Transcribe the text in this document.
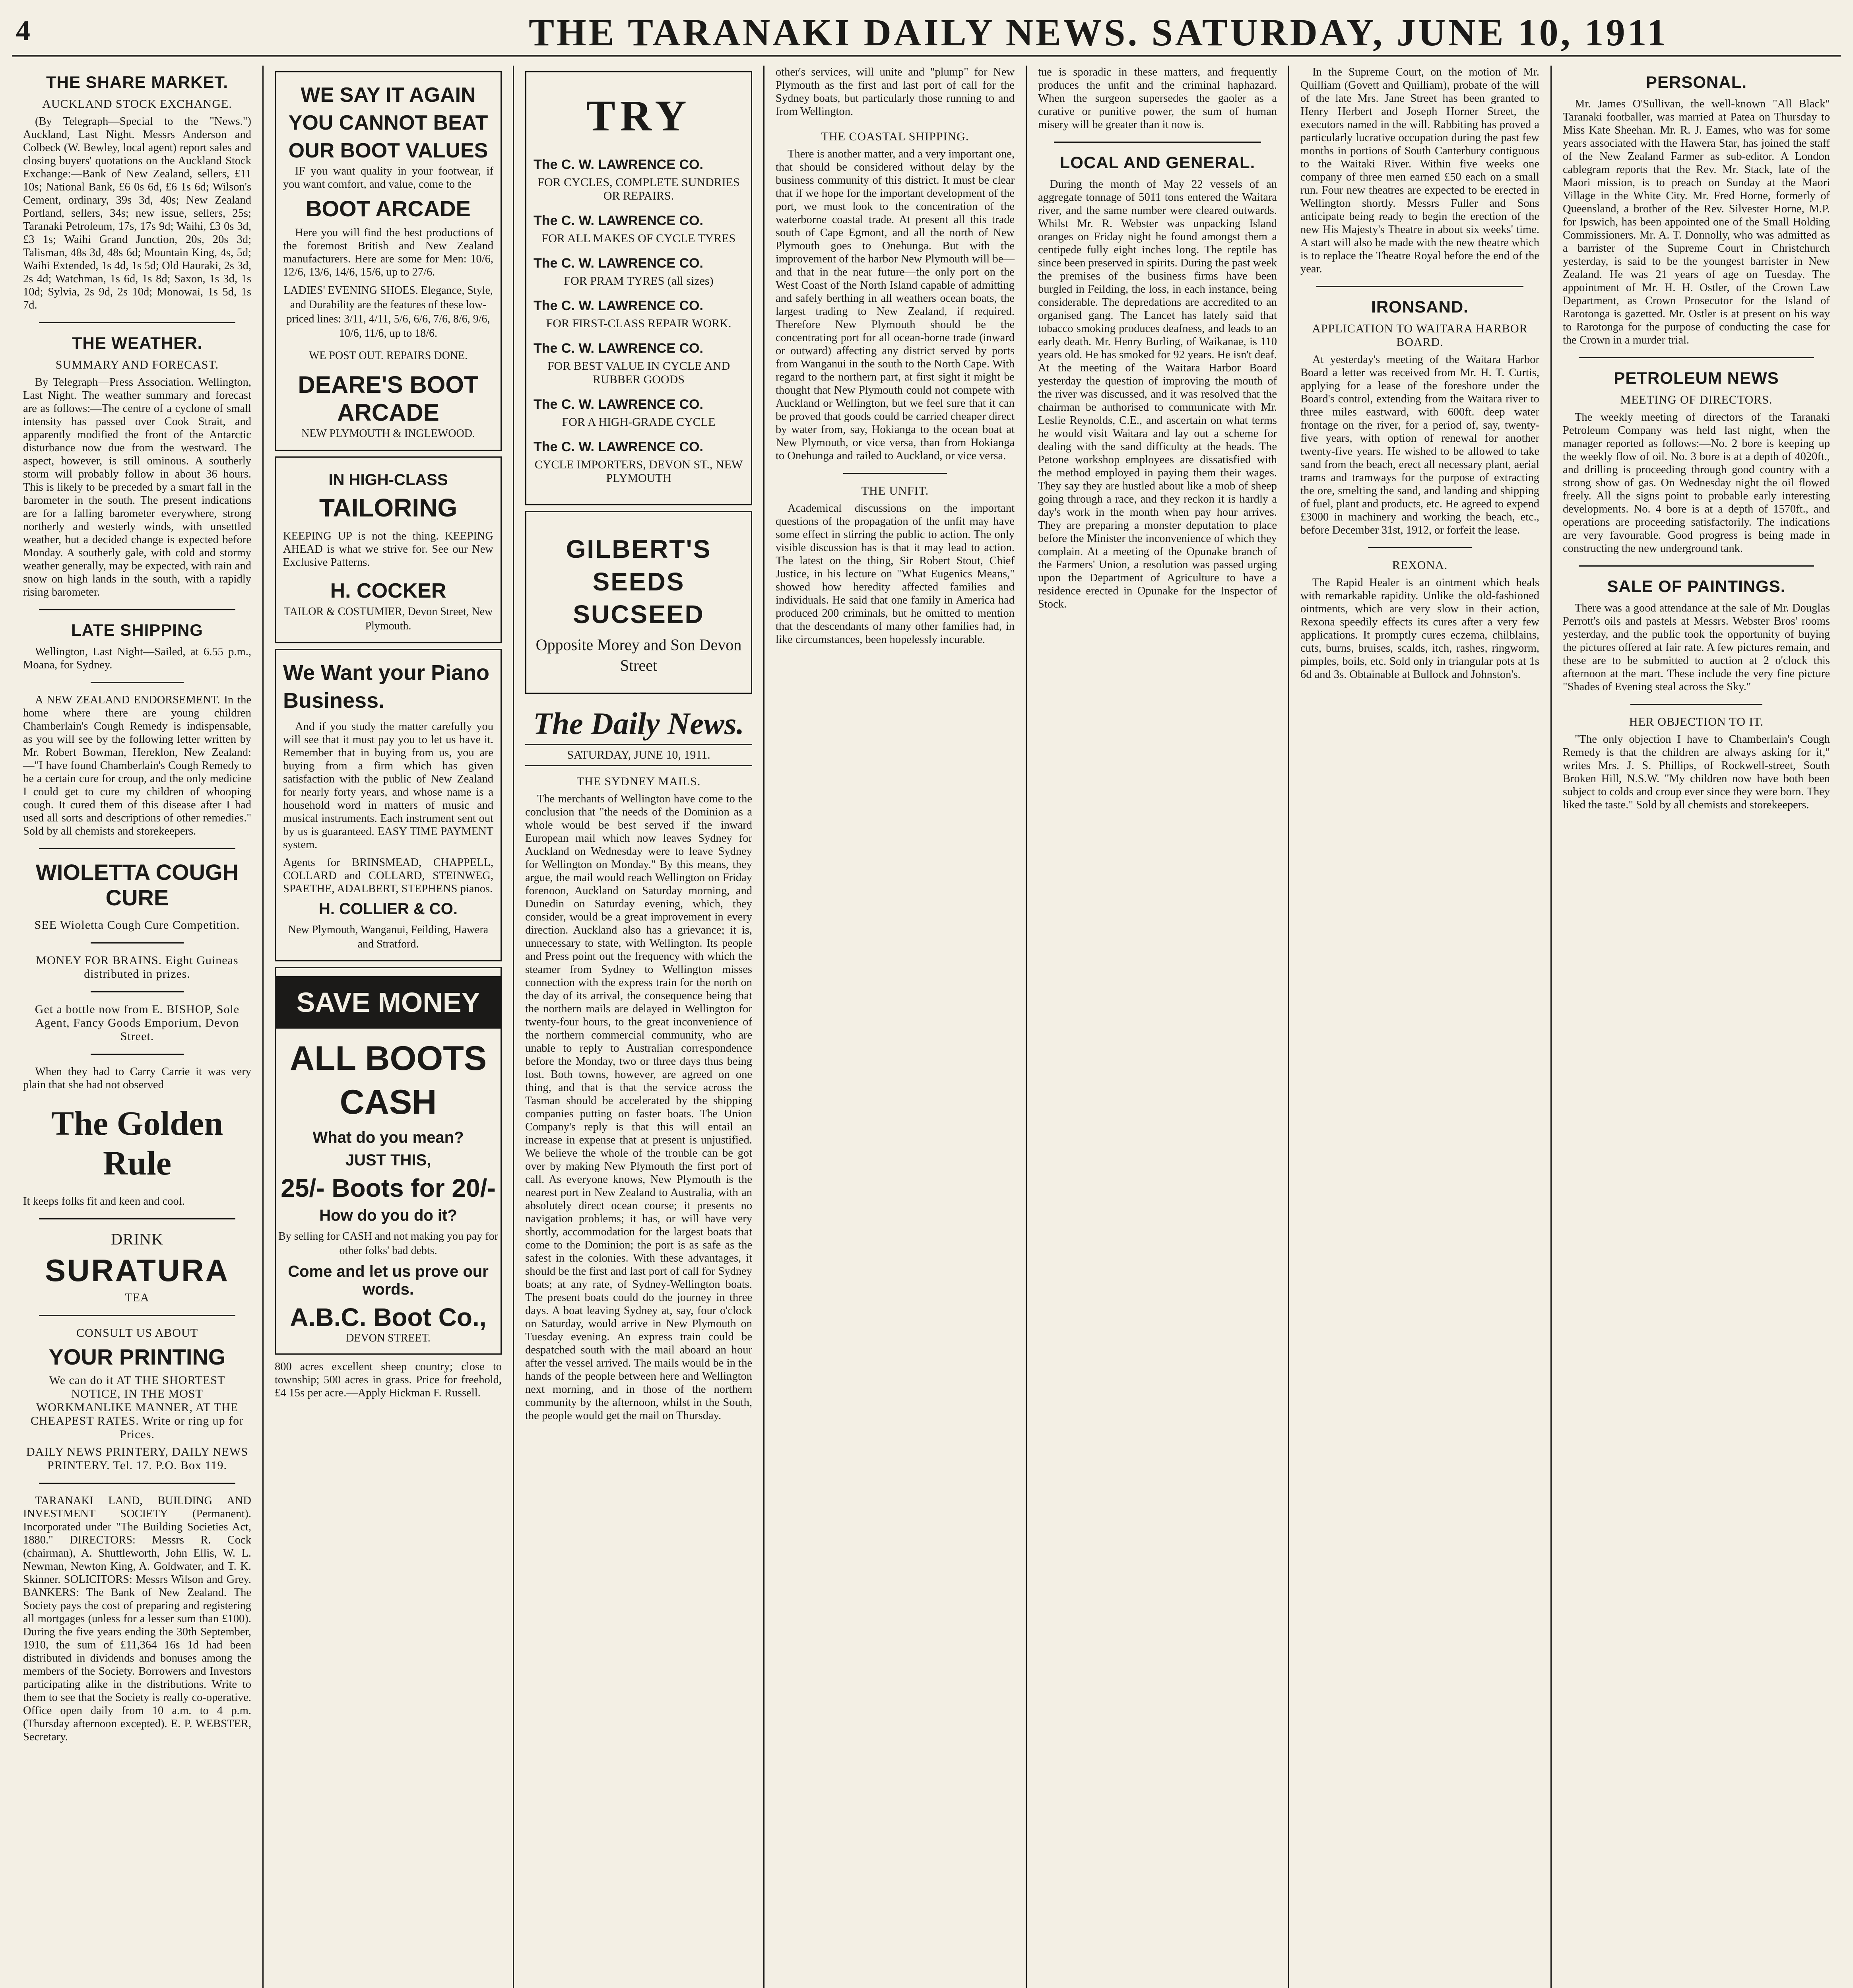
4	THE TARANAKI DAILY NEWS. SATURDAY, JUNE 10, 1911
THE SHARE MARKET.
AUCKLAND STOCK EXCHANGE.

(By Telegraph—Special to the "News.") Auckland, Last Night. Messrs Anderson and Colbeck (W. Bewley, local agent) report sales and closing buyers' quotations on the Auckland Stock Exchange:—Bank of New Zealand, sellers, £11 10s; National Bank, £6 0s 6d, £6 1s 6d; Wilson's Cement, ordinary, 39s 3d, 40s; New Zealand Portland, sellers, 34s; new issue, sellers, 25s; Taranaki Petroleum, 17s, 17s 9d; Waihi, £3 0s 3d, £3 1s; Waihi Grand Junction, 20s, 20s 3d; Talisman, 48s 3d, 48s 6d; Mountain King, 4s, 5d; Waihi Extended, 1s 4d, 1s 5d; Old Hauraki, 2s 3d, 2s 4d; Watchman, 1s 6d, 1s 8d; Saxon, 1s 3d, 1s 10d; Sylvia, 2s 9d, 2s 10d; Monowai, 1s 5d, 1s 7d.

THE WEATHER.
SUMMARY AND FORECAST.

By Telegraph—Press Association. Wellington, Last Night. The weather summary and forecast are as follows:—The centre of a cyclone of small intensity has passed over Cook Strait, and apparently modified the front of the Antarctic disturbance now due from the westward. The aspect, however, is still ominous. A southerly storm will probably follow in about 36 hours. This is likely to be preceded by a smart fall in the barometer in the south. The present indications are for a falling barometer everywhere, strong northerly and westerly winds, with unsettled weather, but a decided change is expected before Monday. A southerly gale, with cold and stormy weather generally, may be expected, with rain and snow on high lands in the south, with a rapidly rising barometer.

LATE SHIPPING

Wellington, Last Night—Sailed, at 6.55 p.m., Moana, for Sydney.

A NEW ZEALAND ENDORSEMENT. In the home where there are young children Chamberlain's Cough Remedy is indispensable, as you will see by the following letter written by Mr. Robert Bowman, Hereklon, New Zealand:—"I have found Chamberlain's Cough Remedy to be a certain cure for croup, and the only medicine I could get to cure my children of whooping cough. It cured them of this disease after I had used all sorts and descriptions of other remedies." Sold by all chemists and storekeepers.

WIOLETTA COUGH CURE
SEE Wioletta Cough Cure Competition.
MONEY FOR BRAINS. Eight Guineas distributed in prizes.
Get a bottle now from E. BISHOP, Sole Agent, Fancy Goods Emporium, Devon Street.

When they had to Carry Carrie it was very plain that she had not observed

The Golden Rule

It keeps folks fit and keen and cool.

DRINK
SURATURA
TEA
CONSULT US ABOUT
YOUR PRINTING
We can do it AT THE SHORTEST NOTICE, IN THE MOST WORKMANLIKE MANNER, AT THE CHEAPEST RATES. Write or ring up for Prices.
DAILY NEWS PRINTERY, DAILY NEWS PRINTERY. Tel. 17. P.O. Box 119.

TARANAKI LAND, BUILDING AND INVESTMENT SOCIETY (Permanent). Incorporated under "The Building Societies Act, 1880." DIRECTORS: Messrs R. Cock (chairman), A. Shuttleworth, John Ellis, W. L. Newman, Newton King, A. Goldwater, and T. K. Skinner. SOLICITORS: Messrs Wilson and Grey. BANKERS: The Bank of New Zealand. The Society pays the cost of preparing and registering all mortgages (unless for a lesser sum than £100). During the five years ending the 30th September, 1910, the sum of £11,364 16s 1d had been distributed in dividends and bonuses among the members of the Society. Borrowers and Investors participating alike in the distributions. Write to them to see that the Society is really co-operative. Office open daily from 10 a.m. to 4 p.m. (Thursday afternoon excepted). E. P. WEBSTER, Secretary.

WE SAY IT AGAIN YOU CANNOT BEAT OUR BOOT VALUES

IF you want quality in your footwear, if you want comfort, and value, come to the

BOOT ARCADE

Here you will find the best productions of the foremost British and New Zealand manufacturers. Here are some for Men: 10/6, 12/6, 13/6, 14/6, 15/6, up to 27/6.

LADIES' EVENING SHOES. Elegance, Style, and Durability are the features of these low-priced lines: 3/11, 4/11, 5/6, 6/6, 7/6, 8/6, 9/6, 10/6, 11/6, up to 18/6.
WE POST OUT. REPAIRS DONE.
DEARE'S BOOT ARCADE
NEW PLYMOUTH & INGLEWOOD.
IN HIGH-CLASS
TAILORING

KEEPING UP is not the thing. KEEPING AHEAD is what we strive for. See our New Exclusive Patterns.

H. COCKER
TAILOR & COSTUMIER, Devon Street, New Plymouth.
We Want your Piano Business.

And if you study the matter carefully you will see that it must pay you to let us have it. Remember that in buying from us, you are buying from a firm which has given satisfaction with the public of New Zealand for nearly forty years, and whose name is a household word in matters of music and musical instruments. Each instrument sent out by us is guaranteed. EASY TIME PAYMENT system.

Agents for BRINSMEAD, CHAPPELL, COLLARD and COLLARD, STEINWEG, SPAETHE, ADALBERT, STEPHENS pianos.

H. COLLIER & CO.
New Plymouth, Wanganui, Feilding, Hawera and Stratford.
SAVE MONEY
ALL BOOTS CASH
What do you mean?
JUST THIS,
25/- Boots for 20/-
How do you do it?
By selling for CASH and not making you pay for other folks' bad debts.
Come and let us prove our words.
A.B.C. Boot Co.,
DEVON STREET.

800 acres excellent sheep country; close to township; 500 acres in grass. Price for freehold, £4 15s per acre.—Apply Hickman F. Russell.

TRY
The C. W. LAWRENCE CO.
FOR CYCLES, COMPLETE SUNDRIES OR REPAIRS.
The C. W. LAWRENCE CO.
FOR ALL MAKES OF CYCLE TYRES
The C. W. LAWRENCE CO.
FOR PRAM TYRES (all sizes)
The C. W. LAWRENCE CO.
FOR FIRST-CLASS REPAIR WORK.
The C. W. LAWRENCE CO.
FOR BEST VALUE IN CYCLE AND RUBBER GOODS
The C. W. LAWRENCE CO.
FOR A HIGH-GRADE CYCLE
The C. W. LAWRENCE CO.
CYCLE IMPORTERS, DEVON ST., NEW PLYMOUTH
GILBERT'S SEEDS SUCSEED
Opposite Morey and Son Devon Street
The Daily News.
SATURDAY, JUNE 10, 1911.
THE SYDNEY MAILS.

The merchants of Wellington have come to the conclusion that "the needs of the Dominion as a whole would be best served if the inward European mail which now leaves Sydney for Auckland on Wednesday were to leave Sydney for Wellington on Monday." By this means, they argue, the mail would reach Wellington on Friday forenoon, Auckland on Saturday morning, and Dunedin on Saturday evening, which, they consider, would be a great improvement in every direction. Auckland also has a grievance; it is, unnecessary to state, with Wellington. Its people and Press point out the frequency with which the steamer from Sydney to Wellington misses connection with the express train for the north on the day of its arrival, the consequence being that the northern mails are delayed in Wellington for twenty-four hours, to the great inconvenience of the northern commercial community, who are unable to reply to Australian correspondence before the Monday, two or three days thus being lost. Both towns, however, are agreed on one thing, and that is that the service across the Tasman should be accelerated by the shipping companies putting on faster boats. The Union Company's reply is that this will entail an increase in expense that at present is unjustified. We believe the whole of the trouble can be got over by making New Plymouth the first port of call. As everyone knows, New Plymouth is the nearest port in New Zealand to Australia, with an absolutely direct ocean course; it presents no navigation problems; it has, or will have very shortly, accommodation for the largest boats that come to the Dominion; the port is as safe as the safest in the colonies. With these advantages, it should be the first and last port of call for Sydney boats; at any rate, of Sydney-Wellington boats. The present boats could do the journey in three days. A boat leaving Sydney at, say, four o'clock on Saturday, would arrive in New Plymouth on Tuesday evening. An express train could be despatched south with the mail aboard an hour after the vessel arrived. The mails would be in the hands of the people between here and Wellington next morning, and in those of the northern community by the afternoon, whilst in the South, the people would get the mail on Thursday.

other's services, will unite and "plump" for New Plymouth as the first and last port of call for the Sydney boats, but particularly those running to and from Wellington.

THE COASTAL SHIPPING.

There is another matter, and a very important one, that should be considered without delay by the business community of this district. It must be clear that if we hope for the important development of the port, we must look to the concentration of the waterborne coastal trade. At present all this trade south of Cape Egmont, and all the north of New Plymouth goes to Onehunga. But with the improvement of the harbor New Plymouth will be—and that in the near future—the only port on the West Coast of the North Island capable of admitting and safely berthing in all weathers ocean boats, the largest trading to New Zealand, if required. Therefore New Plymouth should be the concentrating port for all ocean-borne trade (inward or outward) affecting any district served by ports from Wanganui in the south to the North Cape. With regard to the northern part, at first sight it might be thought that New Plymouth could not compete with Auckland or Wellington, but we feel sure that it can be proved that goods could be carried cheaper direct by water from, say, Hokianga to the ocean boat at New Plymouth, or vice versa, than from Hokianga to Onehunga and railed to Auckland, or vice versa.

THE UNFIT.

Academical discussions on the important questions of the propagation of the unfit may have some effect in stirring the public to action. The only visible discussion has is that it may lead to action. The latest on the thing, Sir Robert Stout, Chief Justice, in his lecture on "What Eugenics Means," showed how heredity affected families and individuals. He said that one family in America had produced 200 criminals, but he omitted to mention that the descendants of many other families had, in like circumstances, been hopelessly incurable.

tue is sporadic in these matters, and frequently produces the unfit and the criminal haphazard. When the surgeon supersedes the gaoler as a curative or punitive power, the sum of human misery will be greater than it now is.

LOCAL AND GENERAL.

During the month of May 22 vessels of an aggregate tonnage of 5011 tons entered the Waitara river, and the same number were cleared outwards. Whilst Mr. R. Webster was unpacking Island oranges on Friday night he found amongst them a centipede fully eight inches long. The reptile has since been preserved in spirits. During the past week the premises of the business firms have been burgled in Feilding, the loss, in each instance, being considerable. The depredations are accredited to an organised gang. The Lancet has lately said that tobacco smoking produces deafness, and leads to an early death. Mr. Henry Burling, of Waikanae, is 110 years old. He has smoked for 92 years. He isn't deaf. At the meeting of the Waitara Harbor Board yesterday the question of improving the mouth of the river was discussed, and it was resolved that the chairman be authorised to communicate with Mr. Leslie Reynolds, C.E., and ascertain on what terms he would visit Waitara and lay out a scheme for dealing with the sand difficulty at the heads. The Petone workshop employees are dissatisfied with the method employed in paying them their wages. They say they are hustled about like a mob of sheep going through a race, and they reckon it is hardly a day's work in the month when pay hour arrives. They are preparing a monster deputation to place before the Minister the inconvenience of which they complain. At a meeting of the Opunake branch of the Farmers' Union, a resolution was passed urging upon the Department of Agriculture to have a residence erected in Opunake for the Inspector of Stock.

In the Supreme Court, on the motion of Mr. Quilliam (Govett and Quilliam), probate of the will of the late Mrs. Jane Street has been granted to Henry Herbert and Joseph Horner Street, the executors named in the will. Rabbiting has proved a particularly lucrative occupation during the past few months in portions of South Canterbury contiguous to the Waitaki River. Within five weeks one company of three men earned £50 each on a small run. Four new theatres are expected to be erected in Wellington shortly. Messrs Fuller and Sons anticipate being ready to begin the erection of the new His Majesty's Theatre in about six weeks' time. A start will also be made with the new theatre which is to replace the Theatre Royal before the end of the year.

IRONSAND.
APPLICATION TO WAITARA HARBOR BOARD.

At yesterday's meeting of the Waitara Harbor Board a letter was received from Mr. H. T. Curtis, applying for a lease of the foreshore under the Board's control, extending from the Waitara river to three miles eastward, with 600ft. deep water frontage on the river, for a period of, say, twenty-five years, with option of renewal for another twenty-five years. He wished to be allowed to take sand from the beach, erect all necessary plant, aerial trams and tramways for the purpose of extracting the ore, smelting the sand, and landing and shipping of fuel, plant and products, etc. He agreed to expend £3000 in machinery and working the beach, etc., before December 31st, 1912, or forfeit the lease.

REXONA.

The Rapid Healer is an ointment which heals with remarkable rapidity. Unlike the old-fashioned ointments, which are very slow in their action, Rexona speedily effects its cures after a very few applications. It promptly cures eczema, chilblains, cuts, burns, bruises, scalds, itch, rashes, ringworm, pimples, boils, etc. Sold only in triangular pots at 1s 6d and 3s. Obtainable at Bullock and Johnston's.

PERSONAL.

Mr. James O'Sullivan, the well-known "All Black" Taranaki footballer, was married at Patea on Thursday to Miss Kate Sheehan. Mr. R. J. Eames, who was for some years associated with the Hawera Star, has joined the staff of the New Zealand Farmer as sub-editor. A London cablegram reports that the Rev. Mr. Stack, late of the Maori mission, is to preach on Sunday at the Maori Village in the White City. Mr. Fred Horne, formerly of Queensland, a brother of the Rev. Silvester Horne, M.P. for Ipswich, has been appointed one of the Small Holding Commissioners. Mr. A. T. Donnolly, who was admitted as a barrister of the Supreme Court in Christchurch yesterday, is said to be the youngest barrister in New Zealand. He was 21 years of age on Tuesday. The appointment of Mr. H. H. Ostler, of the Crown Law Department, as Crown Prosecutor for the Island of Rarotonga is gazetted. Mr. Ostler is at present on his way to Rarotonga for the purpose of conducting the case for the Crown in a murder trial.

PETROLEUM NEWS
MEETING OF DIRECTORS.

The weekly meeting of directors of the Taranaki Petroleum Company was held last night, when the manager reported as follows:—No. 2 bore is keeping up the weekly flow of oil. No. 3 bore is at a depth of 4020ft., and drilling is proceeding through good country with a strong show of gas. On Wednesday night the oil flowed freely. All the signs point to probable early interesting developments. No. 4 bore is at a depth of 1570ft., and operations are proceeding satisfactorily. The indications are very favourable. Good progress is being made in constructing the new underground tank.

SALE OF PAINTINGS.

There was a good attendance at the sale of Mr. Douglas Perrott's oils and pastels at Messrs. Webster Bros' rooms yesterday, and the public took the opportunity of buying the pictures offered at fair rate. A few pictures remain, and these are to be submitted to auction at 2 o'clock this afternoon at the mart. These include the very fine picture "Shades of Evening steal across the Sky."

HER OBJECTION TO IT.

"The only objection I have to Chamberlain's Cough Remedy is that the children are always asking for it," writes Mrs. J. S. Phillips, of Rockwell-street, South Broken Hill, N.S.W. "My children now have both been subject to colds and croup ever since they were born. They liked the taste." Sold by all chemists and storekeepers.
